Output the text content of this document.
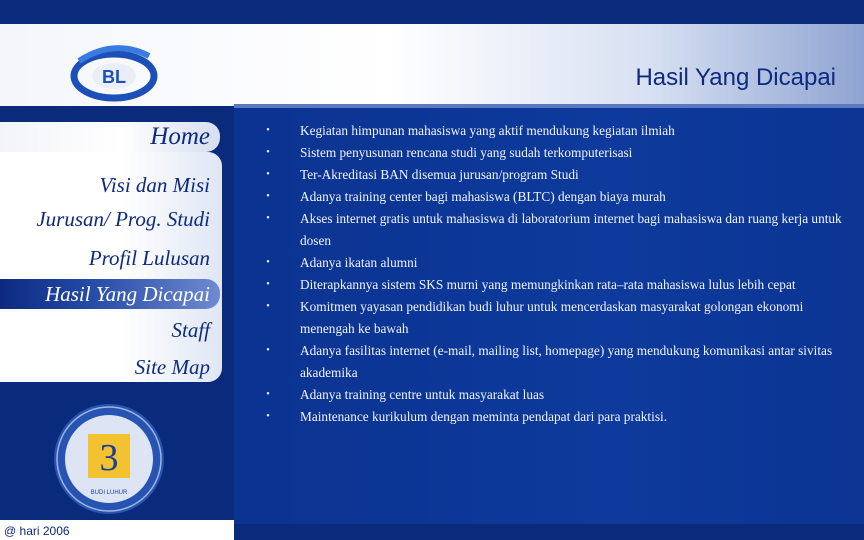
BL	Hasil Yang Dicapai
Home
Visi dan Misi
Jurusan/ Prog. Studi
Profil Lulusan
Hasil Yang Dicapai
Staff
Site Map
3
BUDI LUHUR
@ hari 2006
•	Kegiatan himpunan mahasiswa yang aktif mendukung kegiatan ilmiah
•	Sistem penyusunan rencana studi yang sudah terkomputerisasi
•	Ter-Akreditasi BAN disemua jurusan/program Studi
•	Adanya training center bagi mahasiswa (BLTC) dengan biaya murah
•	Akses internet gratis untuk mahasiswa di laboratorium internet bagi mahasiswa dan ruang kerja untuk dosen
•	Adanya ikatan alumni
•	Diterapkannya sistem SKS murni yang memungkinkan rata–rata mahasiswa lulus lebih cepat
•	Komitmen yayasan pendidikan budi luhur untuk mencerdaskan masyarakat golongan ekonomi menengah ke bawah
•	Adanya fasilitas internet (e-mail, mailing list, homepage) yang mendukung komunikasi antar sivitas akademika
•	Adanya training centre untuk masyarakat luas
•	Maintenance kurikulum dengan meminta pendapat dari para praktisi.
